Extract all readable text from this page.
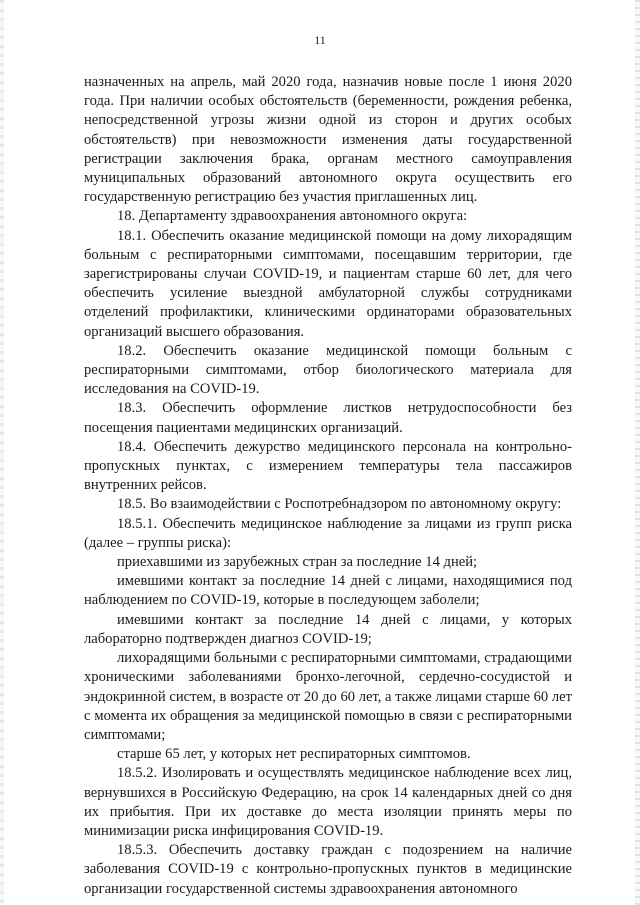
11

назначенных на апрель, май 2020 года, назначив новые после 1 июня 2020 года. При наличии особых обстоятельств (беременности, рождения ребенка, непосредственной угрозы жизни одной из сторон и других особых обстоятельств) при невозможности изменения даты государственной регистрации заключения брака, органам местного самоуправления муниципальных образований автономного округа осуществить его государственную регистрацию без участия приглашенных лиц.

18. Департаменту здравоохранения автономного округа:

18.1. Обеспечить оказание медицинской помощи на дому лихорадящим больным с респираторными симптомами, посещавшим территории, где зарегистрированы случаи COVID-19, и пациентам старше 60 лет, для чего обеспечить усиление выездной амбулаторной службы сотрудниками отделений профилактики, клиническими ординаторами образовательных организаций высшего образования.

18.2. Обеспечить оказание медицинской помощи больным с респираторными симптомами, отбор биологического материала для исследования на COVID-19.

18.3. Обеспечить оформление листков нетрудоспособности без посещения пациентами медицинских организаций.

18.4. Обеспечить дежурство медицинского персонала на контрольно-пропускных пунктах, с измерением температуры тела пассажиров внутренних рейсов.

18.5. Во взаимодействии с Роспотребнадзором по автономному округу:

18.5.1. Обеспечить медицинское наблюдение за лицами из групп риска (далее – группы риска):

приехавшими из зарубежных стран за последние 14 дней;

имевшими контакт за последние 14 дней с лицами, находящимися под наблюдением по COVID-19, которые в последующем заболели;

имевшими контакт за последние 14 дней с лицами, у которых лабораторно подтвержден диагноз COVID-19;

лихорадящими больными с респираторными симптомами, страдающими хроническими заболеваниями бронхо-легочной, сердечно-сосудистой и эндокринной систем, в возрасте от 20 до 60 лет, а также лицами старше 60 лет с момента их обращения за медицинской помощью в связи с респираторными симптомами;

старше 65 лет, у которых нет респираторных симптомов.

18.5.2. Изолировать и осуществлять медицинское наблюдение всех лиц, вернувшихся в Российскую Федерацию, на срок 14 календарных дней со дня их прибытия. При их доставке до места изоляции принять меры по минимизации риска инфицирования COVID-19.

18.5.3. Обеспечить доставку граждан с подозрением на наличие заболевания COVID-19 с контрольно-пропускных пунктов в медицинские организации государственной системы здравоохранения автономного
